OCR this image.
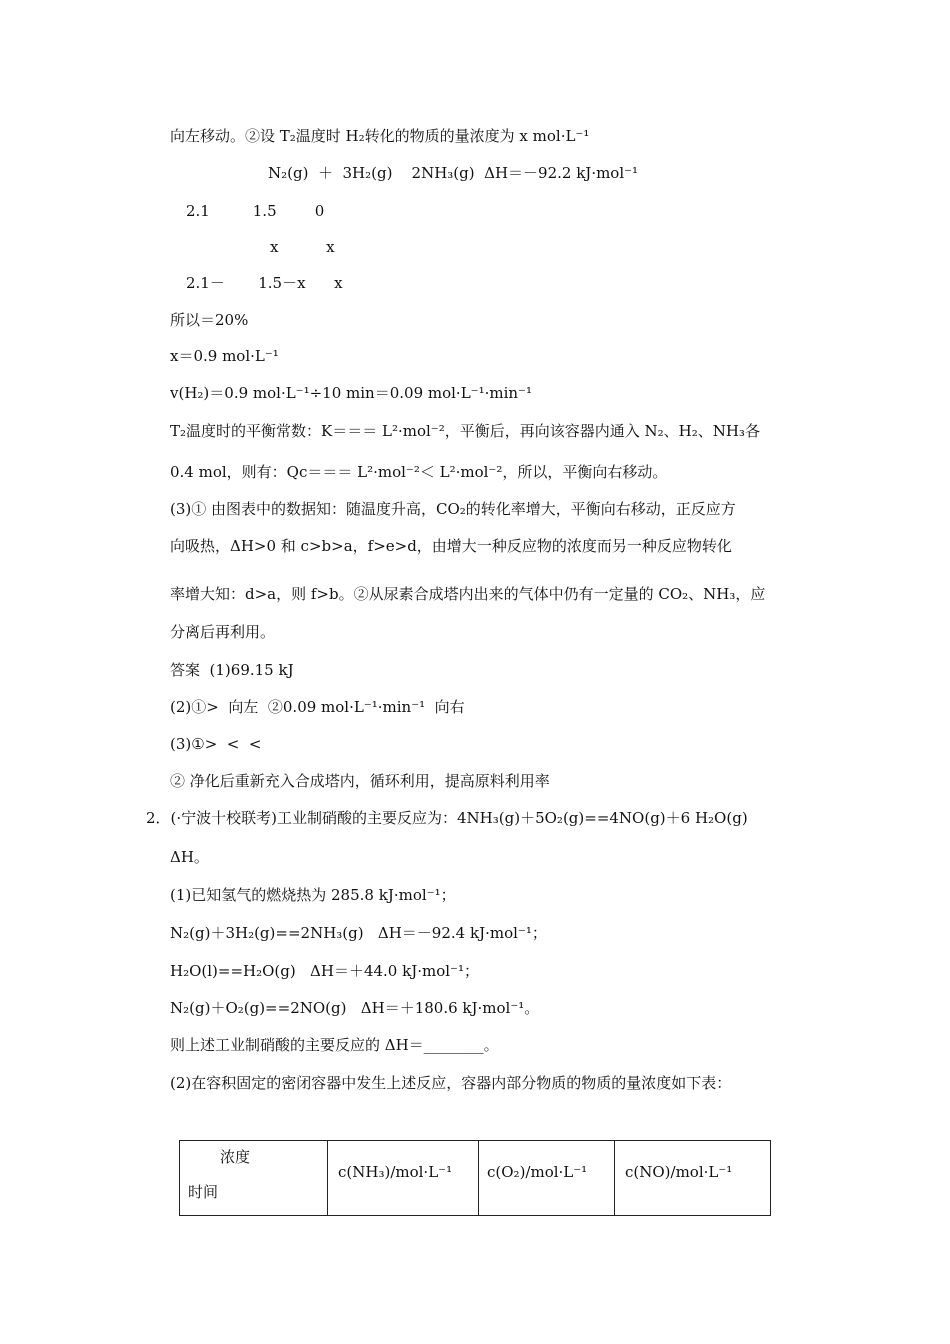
向左移动。②设 T₂温度时 H₂转化的物质的量浓度为 x mol·L⁻¹
N₂(g)  ＋  3H₂(g)    2NH₃(g)  ΔH＝－92.2 kJ·mol⁻¹
2.1         1.5        0
x          x
2.1－       1.5－x      x
所以＝20%
x＝0.9 mol·L⁻¹
v(H₂)＝0.9 mol·L⁻¹÷10 min＝0.09 mol·L⁻¹·min⁻¹
T₂温度时的平衡常数：K＝＝＝ L²·mol⁻²，平衡后，再向该容器内通入 N₂、H₂、NH₃各
0.4 mol，则有：Qc＝＝＝ L²·mol⁻²＜ L²·mol⁻²，所以，平衡向右移动。
(3)① 由图表中的数据知：随温度升高，CO₂的转化率增大，平衡向右移动，正反应方
向吸热，ΔH>0 和 c>b>a，f>e>d，由增大一种反应物的浓度而另一种反应物转化
率增大知：d>a，则 f>b。②从尿素合成塔内出来的气体中仍有一定量的 CO₂、NH₃，应
分离后再利用。
答案  (1)69.15 kJ
(2)①>  向左  ②0.09 mol·L⁻¹·min⁻¹  向右
(3)①>  <  <
② 净化后重新充入合成塔内，循环利用，提高原料利用率
2．(·宁波十校联考)工业制硝酸的主要反应为：4NH₃(g)＋5O₂(g)==4NO(g)＋6 H₂O(g)
ΔH。
(1)已知氢气的燃烧热为 285.8 kJ·mol⁻¹；
N₂(g)＋3H₂(g)==2NH₃(g)   ΔH＝－92.4 kJ·mol⁻¹；
H₂O(l)==H₂O(g)   ΔH＝＋44.0 kJ·mol⁻¹；
N₂(g)＋O₂(g)==2NO(g)   ΔH＝＋180.6 kJ·mol⁻¹。
则上述工业制硝酸的主要反应的 ΔH＝________。
(2)在容积固定的密闭容器中发生上述反应，容器内部分物质的物质的量浓度如下表：
浓度
时间
c(NH₃)/mol·L⁻¹ c(O₂)/mol·L⁻¹	c(NO)/mol·L⁻¹
